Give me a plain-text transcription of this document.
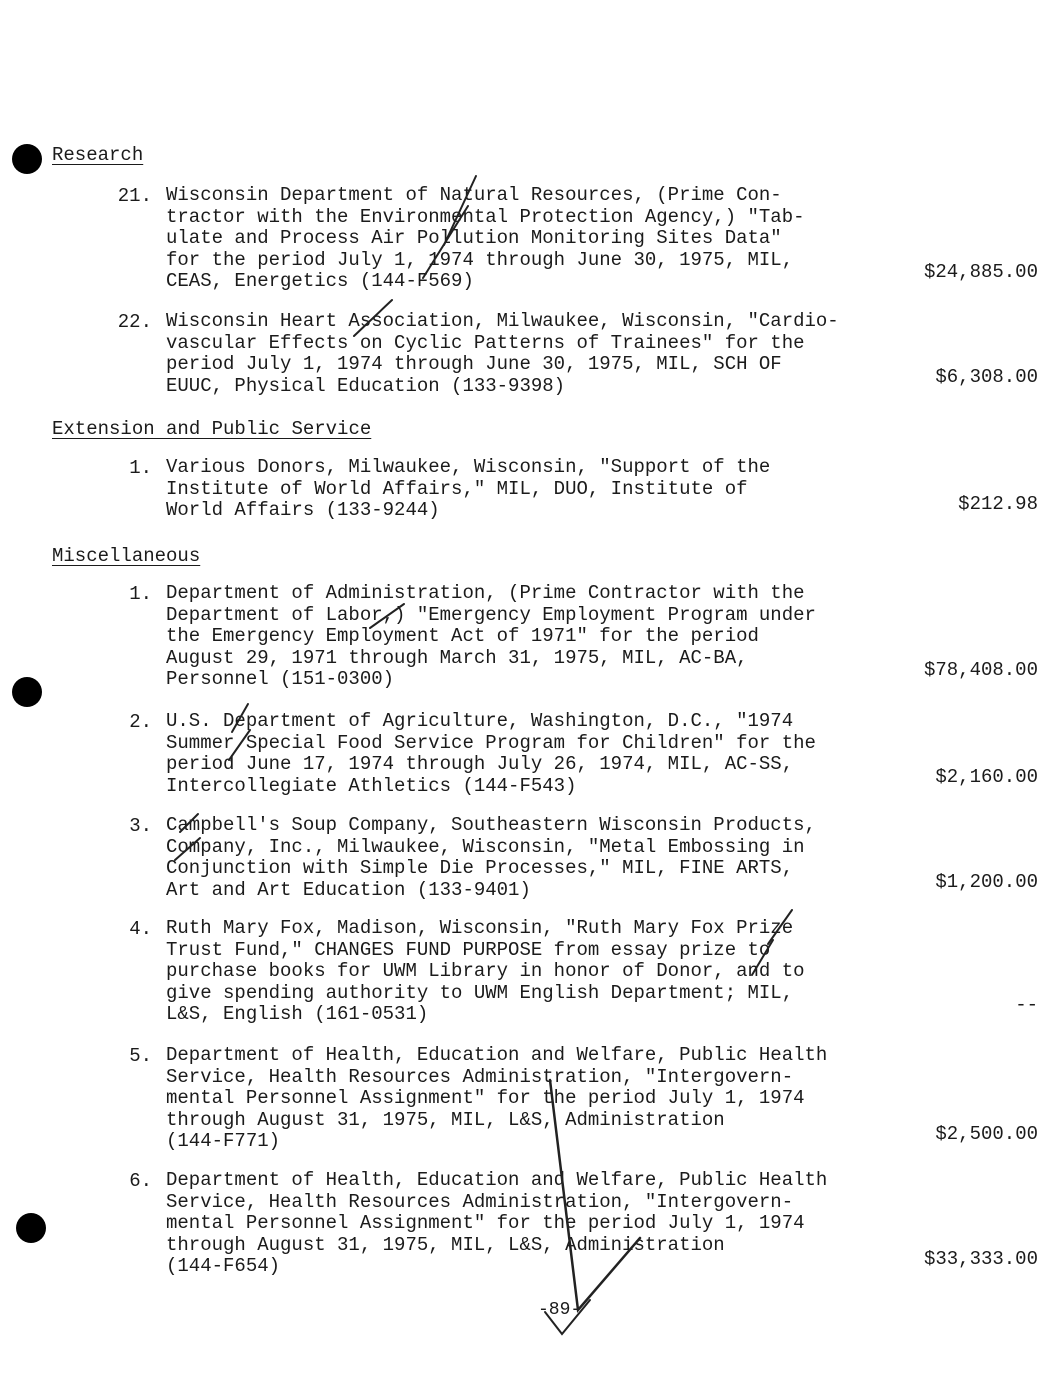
Research
21. Wisconsin Department of Natural Resources, (Prime Con-
tractor with the Environmental Protection Agency,) "Tab-
ulate and Process Air Pollution Monitoring Sites Data"
for the period July 1, 1974 through June 30, 1975, MIL,
CEAS, Energetics (144-F569)	$24,885.00
22. Wisconsin Heart Association, Milwaukee, Wisconsin, "Cardio-
vascular Effects on Cyclic Patterns of Trainees" for the
period July 1, 1974 through June 30, 1975, MIL, SCH OF
EUUC, Physical Education (133-9398)	$6,308.00
Extension and Public Service
1. Various Donors, Milwaukee, Wisconsin, "Support of the
Institute of World Affairs," MIL, DUO, Institute of
World Affairs (133-9244)	$212.98
Miscellaneous
1. Department of Administration, (Prime Contractor with the
Department of Labor,) "Emergency Employment Program under
the Emergency Employment Act of 1971" for the period
August 29, 1971 through March 31, 1975, MIL, AC-BA,
Personnel (151-0300)	$78,408.00
2. U.S. Department of Agriculture, Washington, D.C., "1974
Summer Special Food Service Program for Children" for the
period June 17, 1974 through July 26, 1974, MIL, AC-SS,
Intercollegiate Athletics (144-F543)	$2,160.00
3. Campbell's Soup Company, Southeastern Wisconsin Products,
Company, Inc., Milwaukee, Wisconsin, "Metal Embossing in
Conjunction with Simple Die Processes," MIL, FINE ARTS,
Art and Art Education (133-9401)	$1,200.00
4. Ruth Mary Fox, Madison, Wisconsin, "Ruth Mary Fox Prize
Trust Fund," CHANGES FUND PURPOSE from essay prize to
purchase books for UWM Library in honor of Donor, and to
give spending authority to UWM English Department; MIL,
L&S, English (161-0531)	--
5. Department of Health, Education and Welfare, Public Health
Service, Health Resources Administration, "Intergovern-
mental Personnel Assignment" for the period July 1, 1974
through August 31, 1975, MIL, L&S, Administration
(144-F771)	$2,500.00
6. Department of Health, Education and Welfare, Public Health
Service, Health Resources Administration, "Intergovern-
mental Personnel Assignment" for the period July 1, 1974
through August 31, 1975, MIL, L&S, Administration
(144-F654)	$33,333.00
-89-
